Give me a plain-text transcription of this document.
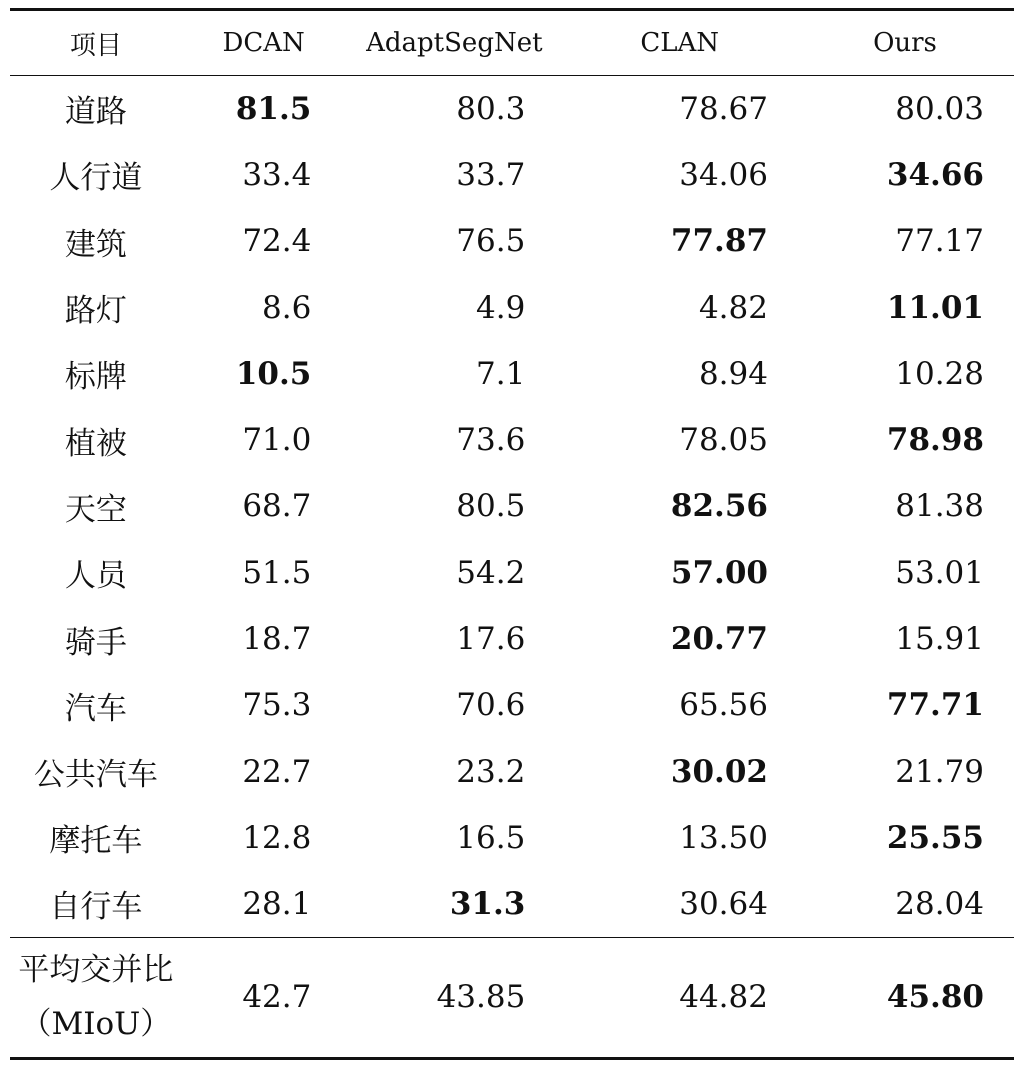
项目	DCAN	AdaptSegNet	CLAN	Ours
道路	81.5	80.3	78.67	80.03
人行道	33.4	33.7	34.06	34.66
建筑	72.4	76.5	77.87	77.17
路灯	8.6	4.9	4.82	11.01
标牌	10.5	7.1	8.94	10.28
植被	71.0	73.6	78.05	78.98
天空	68.7	80.5	82.56	81.38
人员	51.5	54.2	57.00	53.01
骑手	18.7	17.6	20.77	15.91
汽车	75.3	70.6	65.56	77.71
公共汽车	22.7	23.2	30.02	21.79
摩托车	12.8	16.5	13.50	25.55
自行车	28.1	31.3	30.64	28.04
平均交并比
（MIoU）	42.7	43.85	44.82	45.80
